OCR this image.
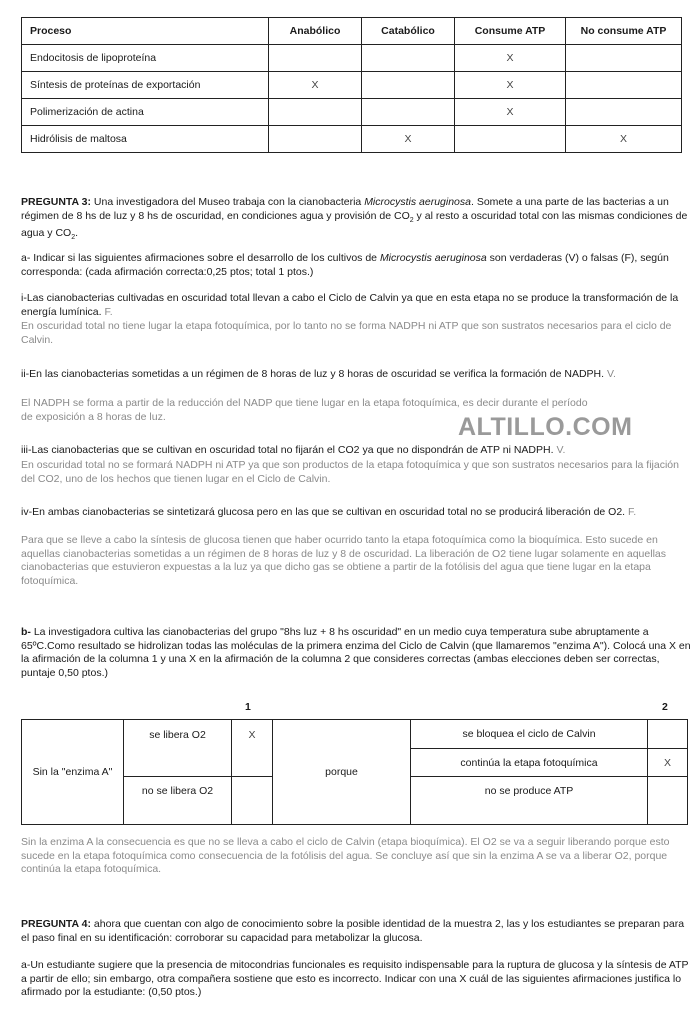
Proceso	Anabólico	Catabólico	Consume ATP	No consume ATP
Endocitosis de lipoproteína			X	
Síntesis de proteínas de exportación	X		X	
Polimerización de actina			X	
Hidrólisis de maltosa		X		X
PREGUNTA 3: Una investigadora del Museo trabaja con la cianobacteria Microcystis aeruginosa. Somete a una parte de las bacterias a un régimen de 8 hs de luz y 8 hs de oscuridad, en condiciones agua y provisión de $CO_2$ y al resto a oscuridad total con las mismas condiciones de agua y $CO_2$.
a- Indicar si las siguientes afirmaciones sobre el desarrollo de los cultivos de Microcystis aeruginosa son verdaderas (V) o falsas (F), según corresponda: (cada afirmación correcta:0,25 ptos; total 1 ptos.)
i-Las cianobacterias cultivadas en oscuridad total llevan a cabo el Ciclo de Calvin ya que en esta etapa no se produce la transformación de la energía lumínica. F.
En oscuridad total no tiene lugar la etapa fotoquímica, por lo tanto no se forma NADPH ni ATP que son sustratos necesarios para el ciclo de Calvin.
ii-En las cianobacterias sometidas a un régimen de 8 horas de luz y 8 horas de oscuridad se verifica la formación de NADPH. V.
El NADPH se forma a partir de la reducción del NADP que tiene lugar en la etapa fotoquímica, es decir durante el período de exposición a 8 horas de luz.	ALTILLO.COM
iii-Las cianobacterias que se cultivan en oscuridad total no fijarán el CO2 ya que no dispondrán de ATP ni NADPH. V.
En oscuridad total no se formará NADPH ni ATP ya que son productos de la etapa fotoquímica y que son sustratos necesarios para la fijación del CO2, uno de los hechos que tienen lugar en el Ciclo de Calvin.
iv-En ambas cianobacterias se sintetizará glucosa pero en las que se cultivan en oscuridad total no se producirá liberación de O2. F.
Para que se lleve a cabo la síntesis de glucosa tienen que haber ocurrido tanto la etapa fotoquímica como la bioquímica. Esto sucede en aquellas cianobacterias sometidas a un régimen de 8 horas de luz y 8 de oscuridad. La liberación de O2 tiene lugar solamente en aquellas cianobacterias que estuvieron expuestas a la luz ya que dicho gas se obtiene a partir de la fotólisis del agua que tiene lugar en la etapa fotoquímica.
b- La investigadora cultiva las cianobacterias del grupo "8hs luz + 8 hs oscuridad" en un medio cuya temperatura sube abruptamente a 65ºC.Como resultado se hidrolizan todas las moléculas de la primera enzima del Ciclo de Calvin (que llamaremos "enzima A"). Colocá una X en la afirmación de la columna 1 y una X en la afirmación de la columna 2 que consideres correctas (ambas elecciones deben ser correctas, puntaje 0,50 ptos.)
1	2
Sin la "enzima A"	se libera O2	X	porque	se bloquea el ciclo de Calvin	
				continúa la etapa fotoquímica	X
	no se libera O2			no se produce ATP	
Sin la enzima A la consecuencia es que no se lleva a cabo el ciclo de Calvin (etapa bioquímica). El O2 se va a seguir liberando porque esto sucede en la etapa fotoquímica como consecuencia de la fotólisis del agua. Se concluye así que sin la enzima A se va a liberar O2, porque continúa la etapa fotoquímica.
PREGUNTA 4: ahora que cuentan con algo de conocimiento sobre la posible identidad de la muestra 2, las y los estudiantes se preparan para el paso final en su identificación: corroborar su capacidad para metabolizar la glucosa.
a-Un estudiante sugiere que la presencia de mitocondrias funcionales es requisito indispensable para la ruptura de glucosa y la síntesis de ATP a partir de ello; sin embargo, otra compañera sostiene que esto es incorrecto. Indicar con una X cuál de las siguientes afirmaciones justifica lo afirmado por la estudiante: (0,50 ptos.)
